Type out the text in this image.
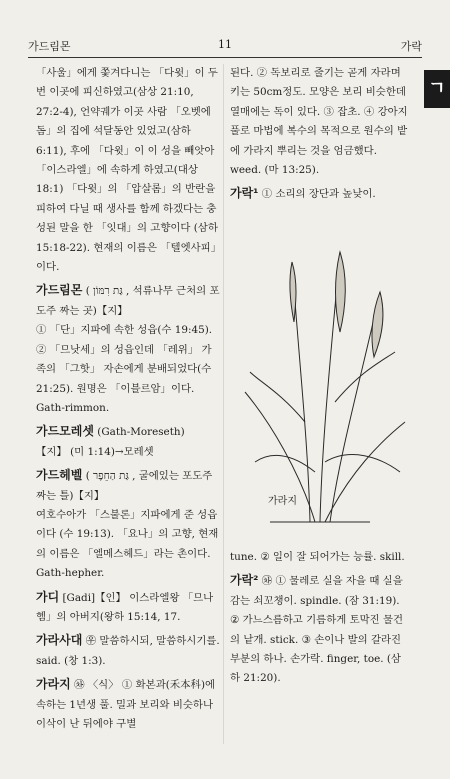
가드림몬	11	가락
ㄱ
「사울」에게 쫓겨다니는 「다윗」이 두번 이곳에 피신하였고(삼상 21:10, 27:2-4), 언약궤가 이곳 사람 「오벳에돔」의 집에 석달동안 있었고(삼하 6:11), 후에 「다윗」이 이 성을 빼앗아 「이스라엘」에 속하게 하였고(대상 18:1) 「다윗」의 「압살롬」의 반란을 피하여 다닐 때 생사를 함께 하겠다는 충성된 말을 한 「잇대」의 고향이다 (삼하 15:18-22). 현재의 이름은 「텔엣사피」이다.
가드림몬 ( גַּת רִמּוֹן , 석류나무 근처의 포도주 짜는 곳)【지】
① 「단」지파에 속한 성읍(수 19:45). ② 「므낫세」의 성읍인데 「레위」 가족의 「그핫」 자손에게 분배되었다(수 21:25). 원명은 「이블르암」이다. Gath-rimmon.
가드모레셋 (Gath-Moreseth)
【지】 (미 1:14)→모레셋
가드헤벨 ( גַּת הַחֵפֶר , 굴에있는 포도주 짜는 틀)【지】
여호수아가 「스불론」지파에게 준 성읍이다 (수 19:13). 「요나」의 고향, 현재의 이름은 「엘메스헤드」라는 촌이다. Gath-hepher.
가디 [Gadi]【인】 이스라엘왕 「므나헴」의 아버지(왕하 15:14, 17.
가라사대 ㉾ 말씀하시되, 말씀하시기를. said. (창 1:3).
가라지 ㉷ 〈식〉 ① 화본과(禾本科)에 속하는 1년생 풀. 밀과 보리와 비슷하나 이삭이 난 뒤에야 구별
된다. ② 독보리로 줄기는 곧게 자라며 키는 50cm정도. 모양은 보리 비슷한데 열매에는 독이 있다. ③ 잡초. ④ 강아지풀로 마법에 복수의 목적으로 원수의 밭에 가라지 뿌리는 것을 엄금했다. weed. (마 13:25).
가락¹ ① 소리의 장단과 높낮이.
가라지
tune. ② 일이 잘 되어가는 능률. skill.
가락² ㉷ ① 물레로 실을 자을 때 실을 감는 쇠꼬챙이. spindle. (잠 31:19). ② 가느스름하고 기름하게 토막진 물건의 낱개. stick. ③ 손이나 발의 갈라진 부분의 하나. 손가락. finger, toe. (삼하 21:20).
